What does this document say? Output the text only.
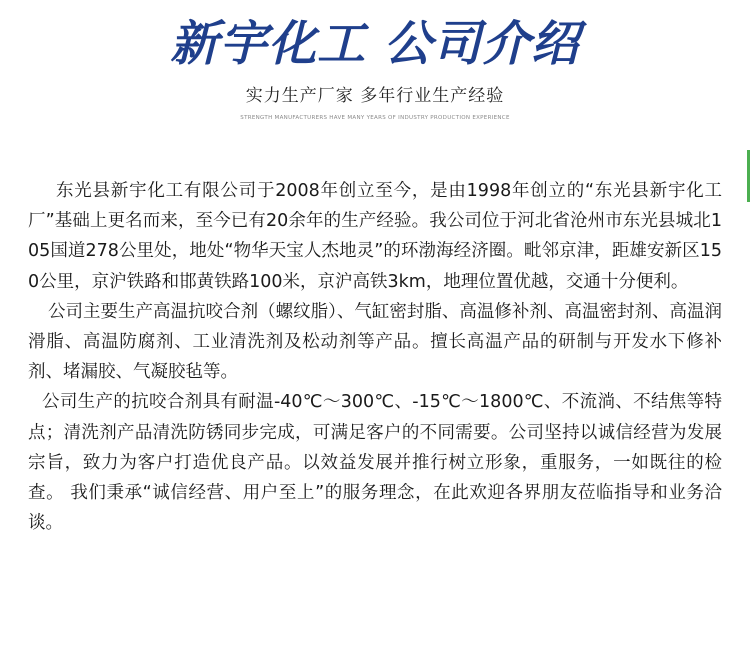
新宇化工 公司介绍
实力生产厂家 多年行业生产经验
STRENGTH MANUFACTURERS HAVE MANY YEARS OF INDUSTRY PRODUCTION EXPERIENCE

东光县新宇化工有限公司于2008年创立至今，是由1998年创立的“东光县新宇化工厂”基础上更名而来，至今已有20余年的生产经验。我公司位于河北省沧州市东光县城北105国道278公里处，地处“物华天宝人杰地灵”的环渤海经济圈。毗邻京津，距雄安新区150公里，京沪铁路和邯黄铁路100米，京沪高铁3km，地理位置优越，交通十分便利。

公司主要生产高温抗咬合剂（螺纹脂）、气缸密封脂、高温修补剂、高温密封剂、高温润滑脂、高温防腐剂、工业清洗剂及松动剂等产品。擅长高温产品的研制与开发水下修补剂、堵漏胶、气凝胶毡等。

公司生产的抗咬合剂具有耐温-40℃～300℃、-15℃～1800℃、不流淌、不结焦等特点；清洗剂产品清洗防锈同步完成，可满足客户的不同需要。公司坚持以诚信经营为发展宗旨，致力为客户打造优良产品。以效益发展并推行树立形象，重服务，一如既往的检查。 我们秉承“诚信经营、用户至上”的服务理念，在此欢迎各界朋友莅临指导和业务洽谈。
